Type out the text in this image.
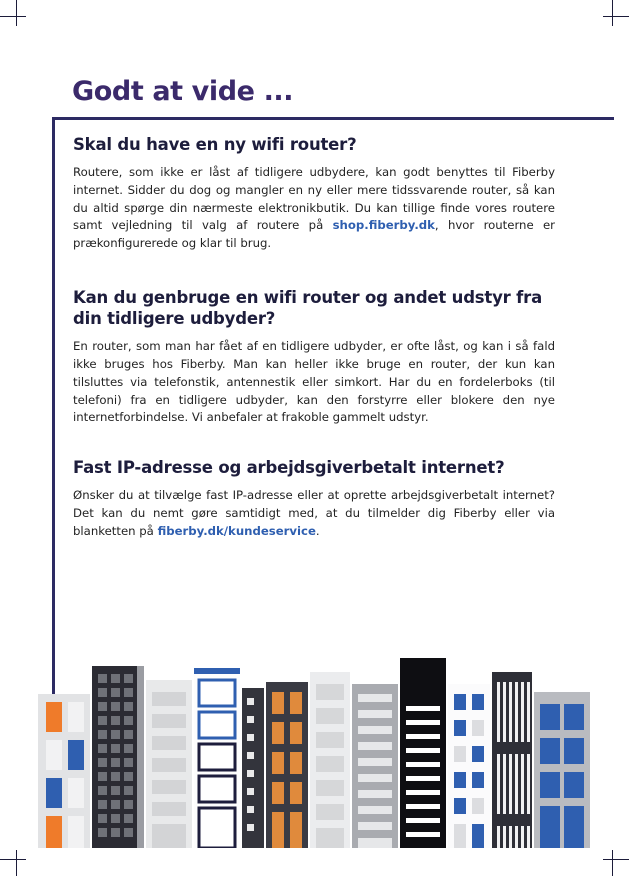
Godt at vide ...
Skal du have en ny wifi router?

Routere, som ikke er låst af tidligere udbydere, kan godt benyttes til Fiberby internet. Sidder du dog og mangler en ny eller mere tidssvarende router, så kan du altid spørge din nærmeste elektronikbutik. Du kan tillige finde vores routere samt vejledning til valg af routere på shop.fiberby.dk, hvor routerne er prækonfigurerede og klar til brug.

Kan du genbruge en wifi router og andet udstyr fra din tidligere udbyder?

En router, som man har fået af en tidligere udbyder, er ofte låst, og kan i så fald ikke bruges hos Fiberby. Man kan heller ikke bruge en router, der kun kan tilsluttes via telefonstik, antennestik eller simkort. Har du en fordelerboks (til telefoni) fra en tidligere udbyder, kan den forstyrre eller blokere den nye internetforbindelse. Vi anbefaler at frakoble gammelt udstyr.

Fast IP-adresse og arbejdsgiverbetalt internet?

Ønsker du at tilvælge fast IP-adresse eller at oprette arbejdsgiverbetalt internet? Det kan du nemt gøre samtidigt med, at du tilmelder dig Fiberby eller via blanketten på fiberby.dk/kundeservice.
